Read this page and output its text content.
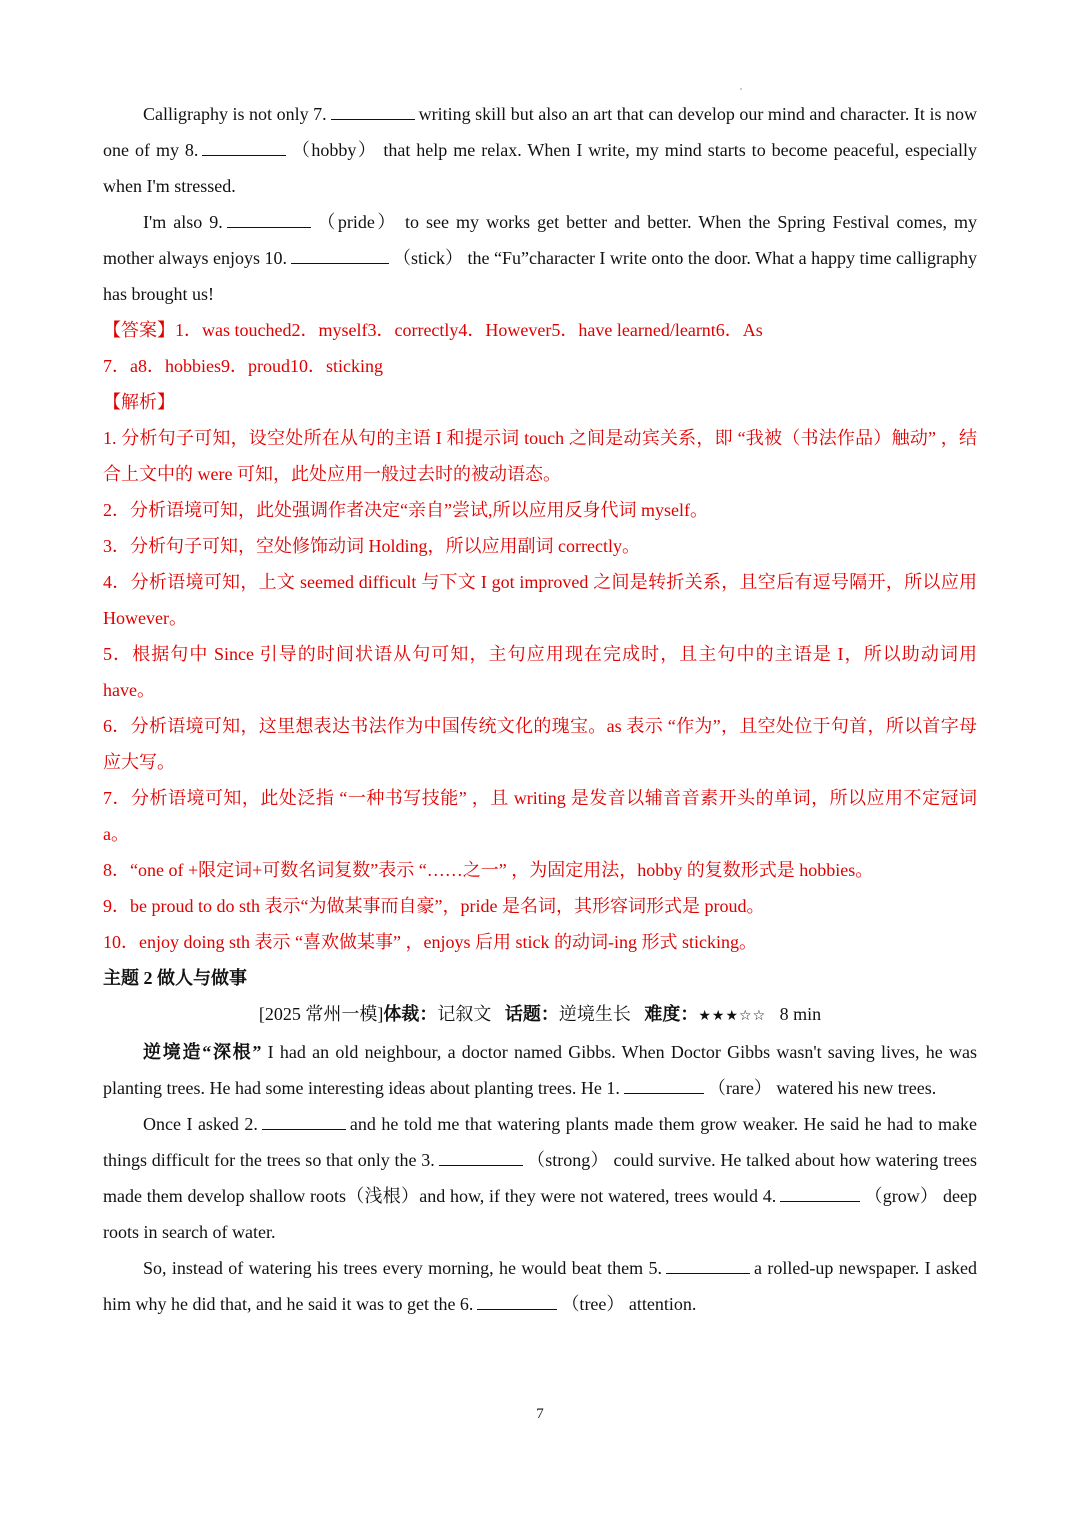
Calligraphy is not only 7.	writing skill but also an art that can develop our mind and character. It is now one of my 8.	（hobby） that help me relax. When I write, my mind starts to become peaceful, especially when I'm stressed.

I'm also 9.	（pride） to see my works get better and better. When the Spring Festival comes, my mother always enjoys 10.	（stick） the “Fu”character I write onto the door. What a happy time calligraphy has brought us!

【答案】1．was touched2．myself3．correctly4．However5．have learned/learnt6．As

7．a8．hobbies9．proud10．sticking

【解析】

1. 分析句子可知，设空处所在从句的主语 I 和提示词 touch 之间是动宾关系，即 “我被（书法作品）触动” ，结合上文中的 were 可知，此处应用一般过去时的被动语态。

2．分析语境可知，此处强调作者决定“亲自”尝试,所以应用反身代词 myself。

3．分析句子可知，空处修饰动词 Holding，所以应用副词 correctly。

4．分析语境可知，上文 seemed difficult 与下文 I got improved 之间是转折关系，且空后有逗号隔开，所以应用 However。

5．根据句中 Since 引导的时间状语从句可知，主句应用现在完成时，且主句中的主语是 I，所以助动词用 have。

6．分析语境可知，这里想表达书法作为中国传统文化的瑰宝。as 表示 “作为”，且空处位于句首，所以首字母应大写。

7．分析语境可知，此处泛指 “一种书写技能” ，且 writing 是发音以辅音音素开头的单词，所以应用不定冠词 a。

8．“one of +限定词+可数名词复数”表示 “……之一” ，为固定用法，hobby 的复数形式是 hobbies。

9．be proud to do sth 表示“为做某事而自豪”，pride 是名词，其形容词形式是 proud。

10．enjoy doing sth 表示 “喜欢做某事” ，enjoys 后用 stick 的动词-ing 形式 sticking。

主题 2 做人与做事

[2025 常州一模]体裁：记叙文 话题：逆境生长 难度：★★★☆☆ 8 min

逆境造“深根” I had an old neighbour, a doctor named Gibbs. When Doctor Gibbs wasn't saving lives, he was planting trees. He had some interesting ideas about planting trees. He 1.	（rare） watered his new trees.

Once I asked 2.	and he told me that watering plants made them grow weaker. He said he had to make things difficult for the trees so that only the 3.	（strong） could survive. He talked about how watering trees made them develop shallow roots（浅根）and how, if they were not watered, trees would 4.	（grow） deep roots in search of water.

So, instead of watering his trees every morning, he would beat them 5.	a rolled-up newspaper. I asked him why he did that, and he said it was to get the 6.	（tree） attention.

7
